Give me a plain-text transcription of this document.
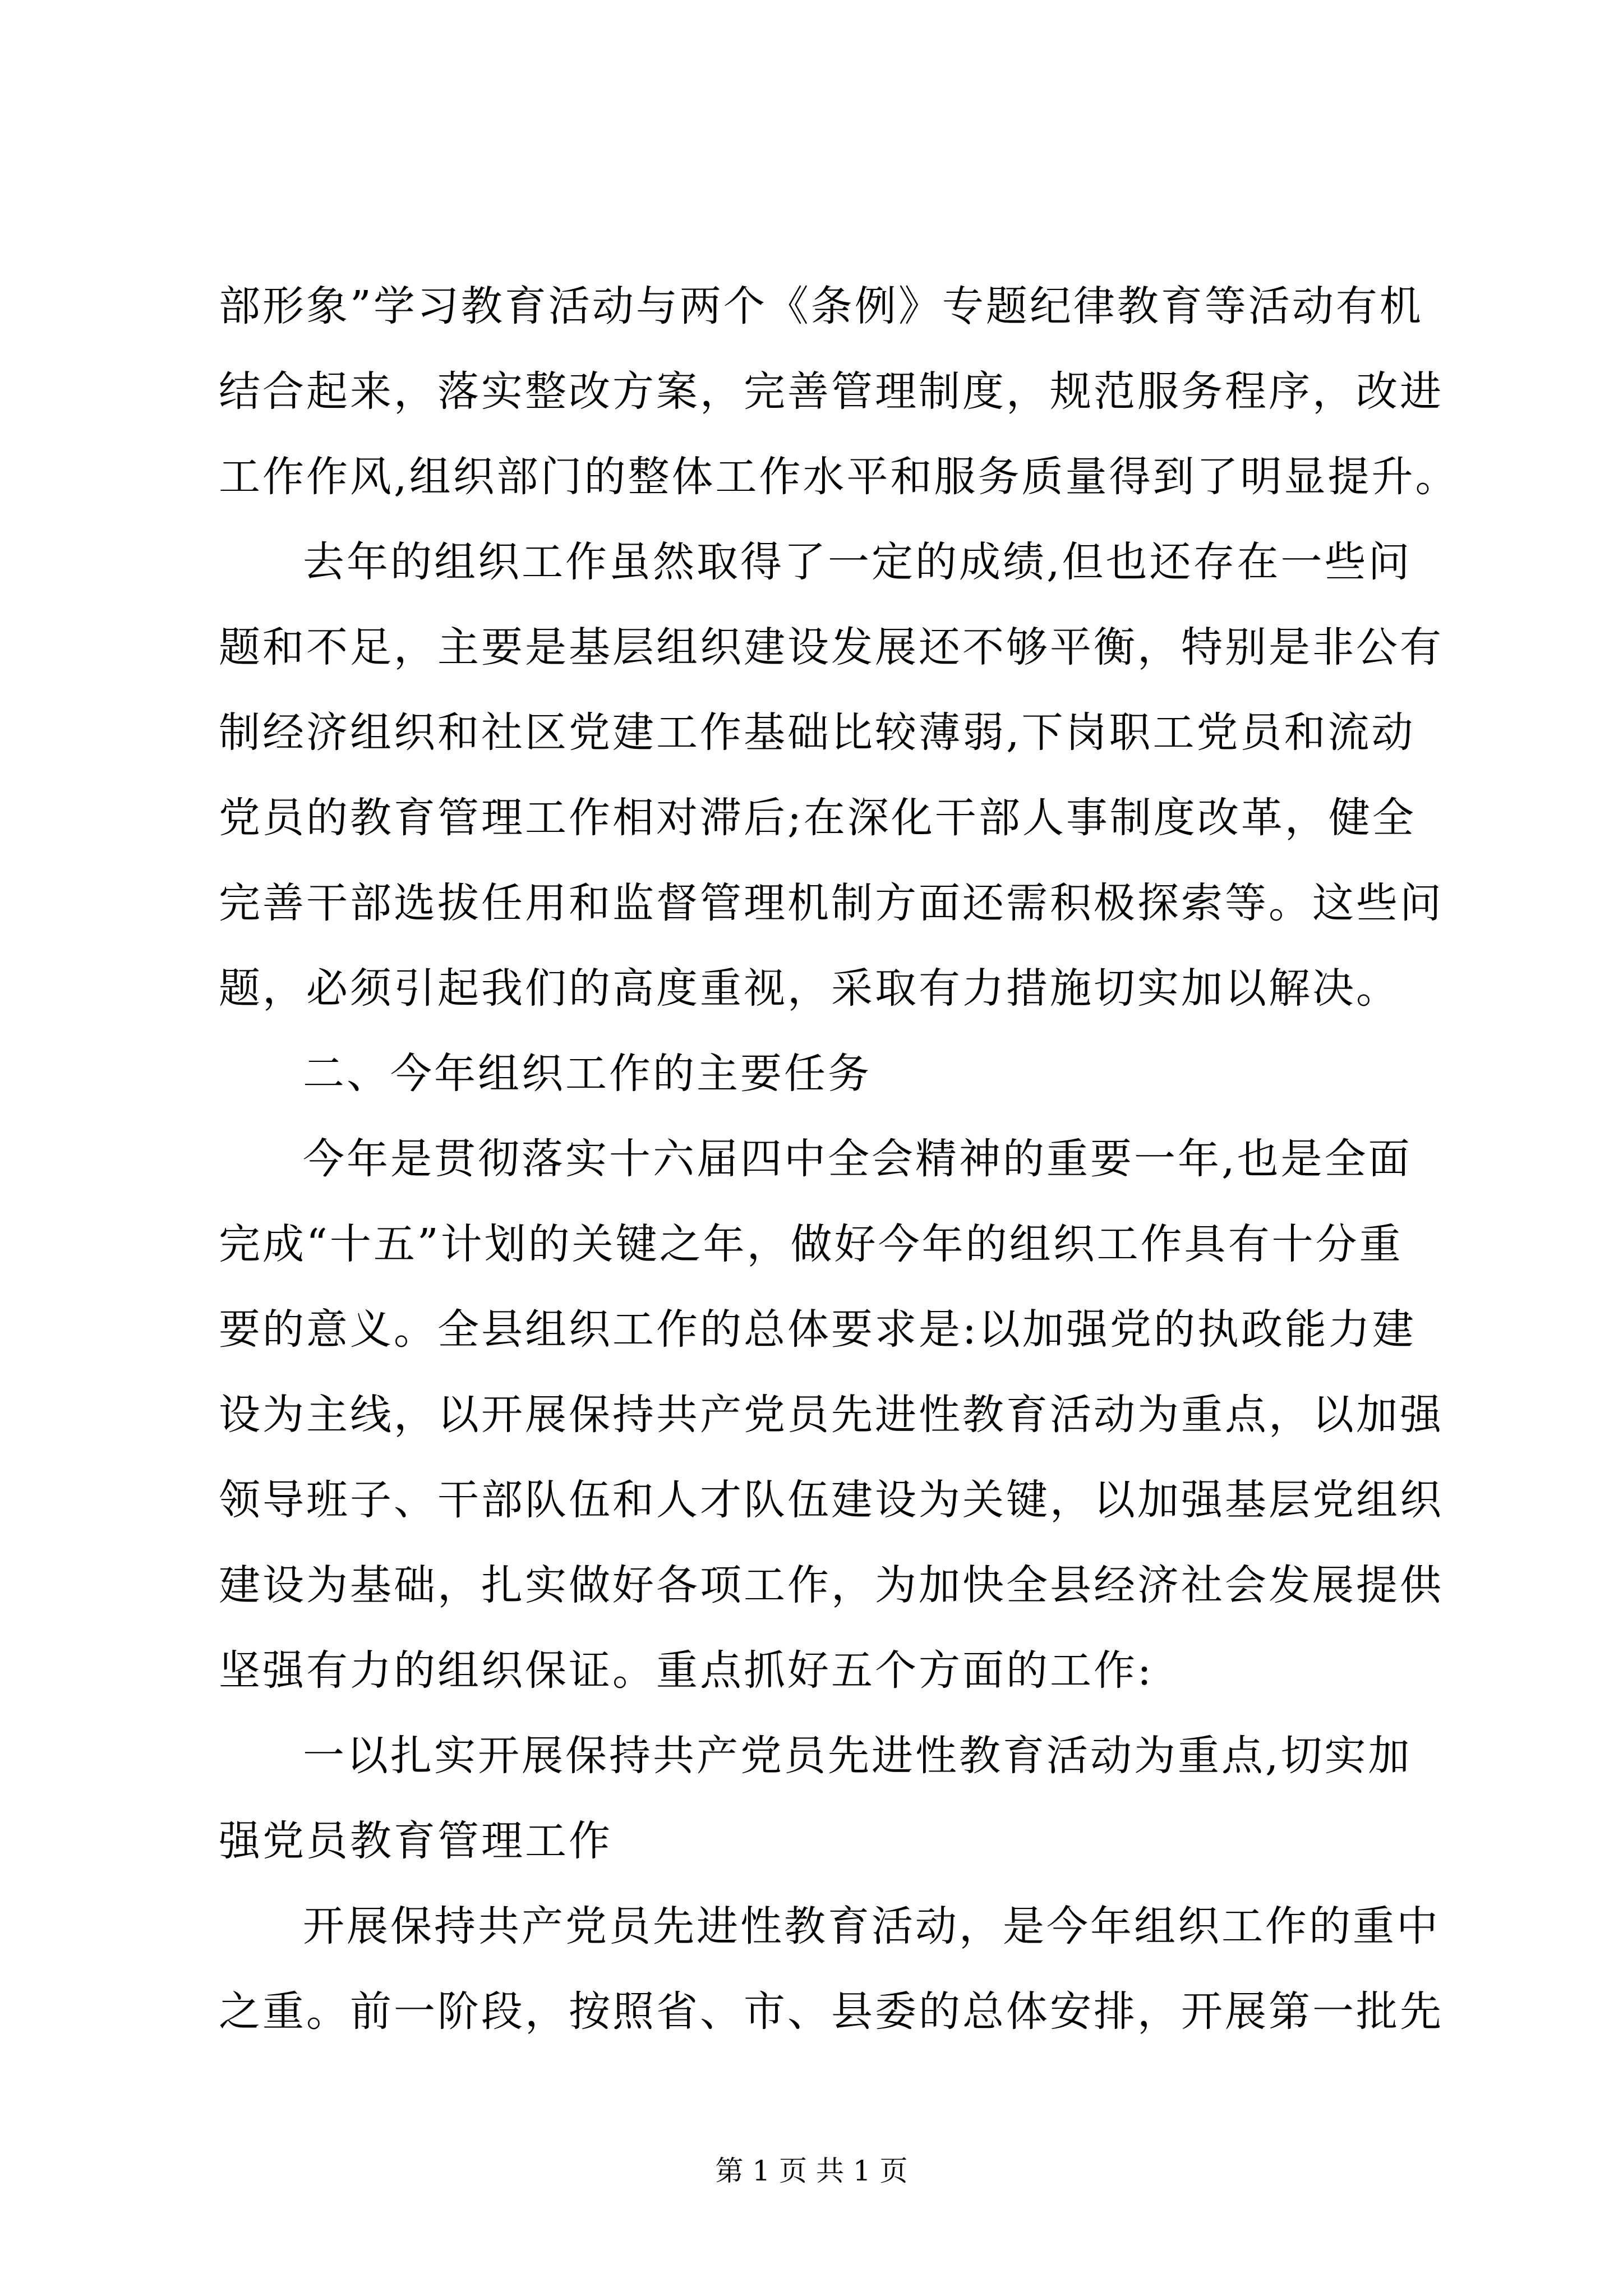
部形象”学习教育活动与两个《条例》专题纪律教育等活动有机
结合起来，落实整改方案，完善管理制度，规范服务程序，改进
工作作风,组织部门的整体工作水平和服务质量得到了明显提升。
去年的组织工作虽然取得了一定的成绩,但也还存在一些问
题和不足，主要是基层组织建设发展还不够平衡，特别是非公有
制经济组织和社区党建工作基础比较薄弱,下岗职工党员和流动
党员的教育管理工作相对滞后;在深化干部人事制度改革，健全
完善干部选拔任用和监督管理机制方面还需积极探索等。这些问
题，必须引起我们的高度重视，采取有力措施切实加以解决。
二、今年组织工作的主要任务
今年是贯彻落实十六届四中全会精神的重要一年,也是全面
完成“十五”计划的关键之年，做好今年的组织工作具有十分重
要的意义。全县组织工作的总体要求是:以加强党的执政能力建
设为主线，以开展保持共产党员先进性教育活动为重点，以加强
领导班子、干部队伍和人才队伍建设为关键，以加强基层党组织
建设为基础，扎实做好各项工作，为加快全县经济社会发展提供
坚强有力的组织保证。重点抓好五个方面的工作:
一以扎实开展保持共产党员先进性教育活动为重点,切实加
强党员教育管理工作
开展保持共产党员先进性教育活动，是今年组织工作的重中
之重。前一阶段，按照省、市、县委的总体安排，开展第一批先
第 1 页 共 1 页
